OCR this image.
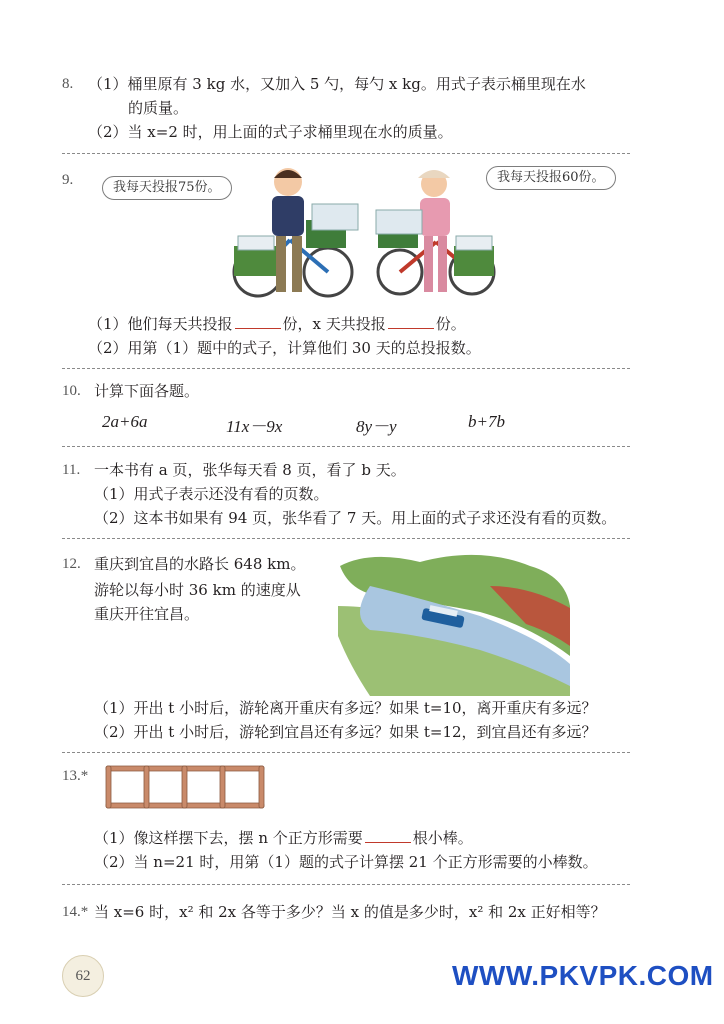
8. （1）桶里原有 3 kg 水，又加入 5 勺，每勺 x kg。用式子表示桶里现在水
的质量。
（2）当 x=2 时，用上面的式子求桶里现在水的质量。
9.	我每天投报75份。
我每天投报60份。
（1）他们每天共投报	份，x 天共投报	份。
（2）用第（1）题中的式子，计算他们 30 天的总投报数。
10. 计算下面各题。
2a+6a	11x－9x	8y－y	b+7b
11. 一本书有 a 页，张华每天看 8 页，看了 b 天。
（1）用式子表示还没有看的页数。
（2）这本书如果有 94 页，张华看了 7 天。用上面的式子求还没有看的页数。
12. 重庆到宜昌的水路长 648 km。
游轮以每小时 36 km 的速度从
重庆开往宜昌。
（1）开出 t 小时后，游轮离开重庆有多远？如果 t=10，离开重庆有多远？
（2）开出 t 小时后，游轮到宜昌还有多远？如果 t=12，到宜昌还有多远？
13.*
（1）像这样摆下去，摆 n 个正方形需要	根小棒。
（2）当 n=21 时，用第（1）题的式子计算摆 21 个正方形需要的小棒数。
14.* 当 x=6 时，x² 和 2x 各等于多少？当 x 的值是多少时，x² 和 2x 正好相等？
62	WWW.PKVPK.COM
